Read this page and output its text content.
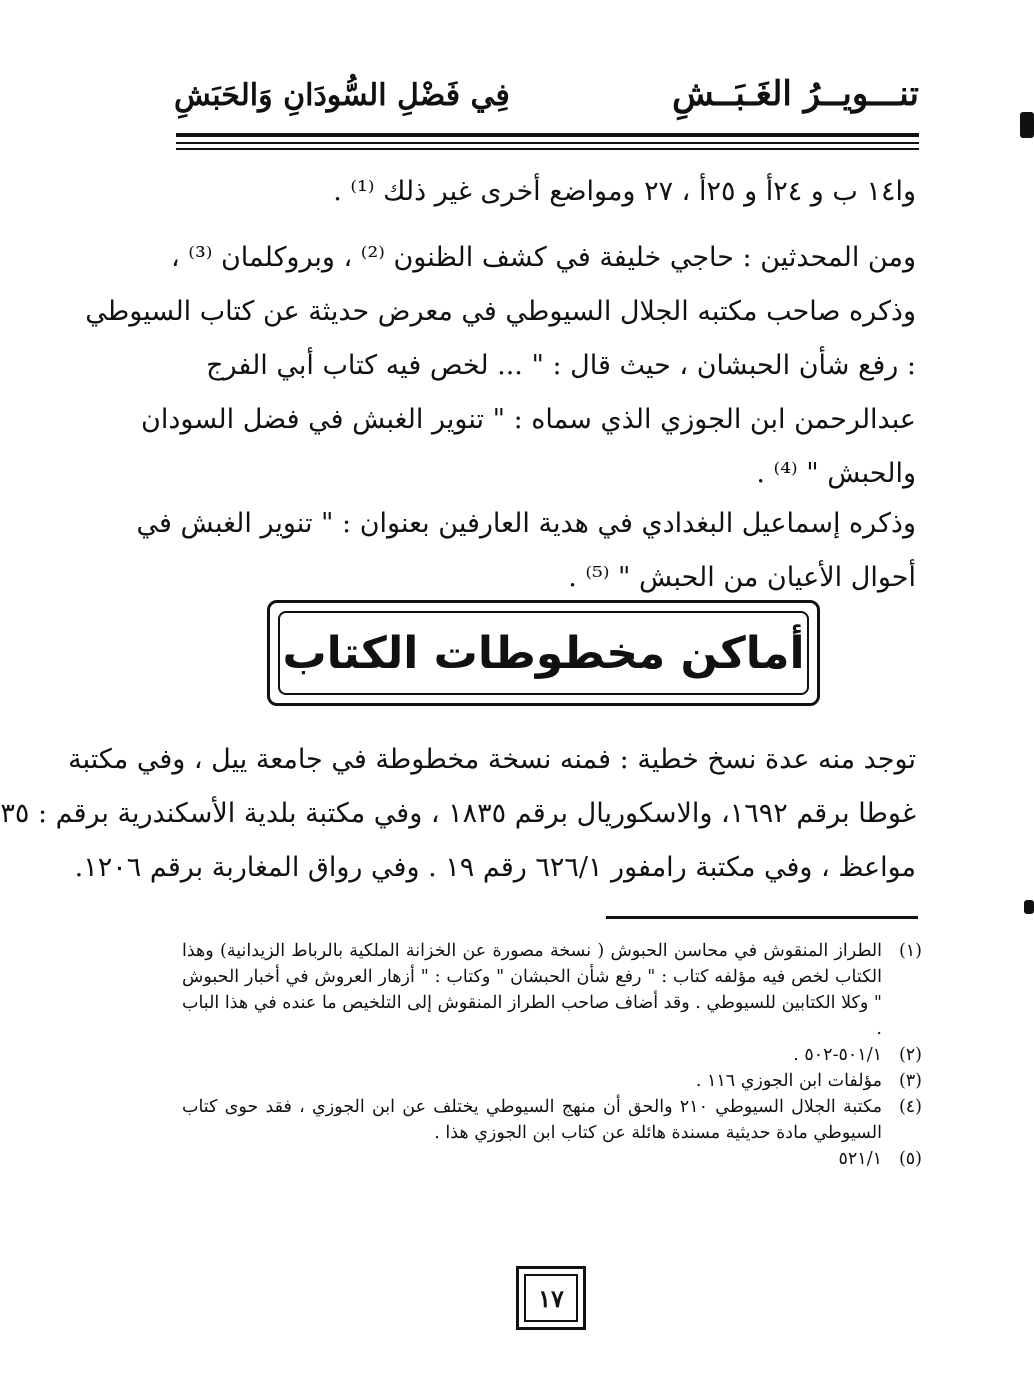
تنـــويــرُ الغَـبَــشِ
فِي فَضْلِ السُّودَانِ وَالحَبَشِ
وا١٤ ب و ٢٤أ و ٢٥أ ، ٢٧ ومواضع أخرى غير ذلك ⁽¹⁾ .
ومن المحدثين : حاجي خليفة في كشف الظنون ⁽²⁾ ، وبروكلمان ⁽³⁾ ،
وذكره صاحب مكتبه الجلال السيوطي في معرض حديثة عن كتاب السيوطي
: رفع شأن الحبشان ، حيث قال : " ... لخص فيه كتاب أبي الفرج
عبدالرحمن ابن الجوزي الذي سماه : " تنوير الغبش في فضل السودان
والحبش " ⁽⁴⁾ .
وذكره إسماعيل البغدادي في هدية العارفين بعنوان : " تنوير الغبش في
أحوال الأعيان من الحبش " ⁽⁵⁾ .
أماكن مخطوطات الكتاب
توجد منه عدة نسخ خطية : فمنه نسخة مخطوطة في جامعة ييل ، وفي مكتبة
غوطا برقم ١٦٩٢، والاسكوريال برقم ١٨٣٥ ، وفي مكتبة بلدية الأسكندرية برقم : ٣٥
مواعظ ، وفي مكتبة رامفور ٦٢٦/١ رقم ١٩ . وفي رواق المغاربة برقم ١٢٠٦.
(١)
الطراز المنقوش في محاسن الحبوش ( نسخة مصورة عن الخزانة الملكية بالرباط الزيدانية) وهذا الكتاب لخص فيه مؤلفه كتاب : " رفع شأن الحبشان " وكتاب : " أزهار العروش في أخبار الحبوش " وكلا الكتابين للسيوطي . وقد أضاف صاحب الطراز المنقوش إلى التلخيص ما عنده في هذا الباب .
(٢)
٥٠١/١-٥٠٢ .
(٣)
مؤلفات ابن الجوزي ١١٦ .
(٤)
مكتبة الجلال السيوطي ٢١٠ والحق أن منهج السيوطي يختلف عن ابن الجوزي ، فقد حوى كتاب السيوطي مادة حديثية مسندة هائلة عن كتاب ابن الجوزي هذا .
(٥)
٥٢١/١
١٧
